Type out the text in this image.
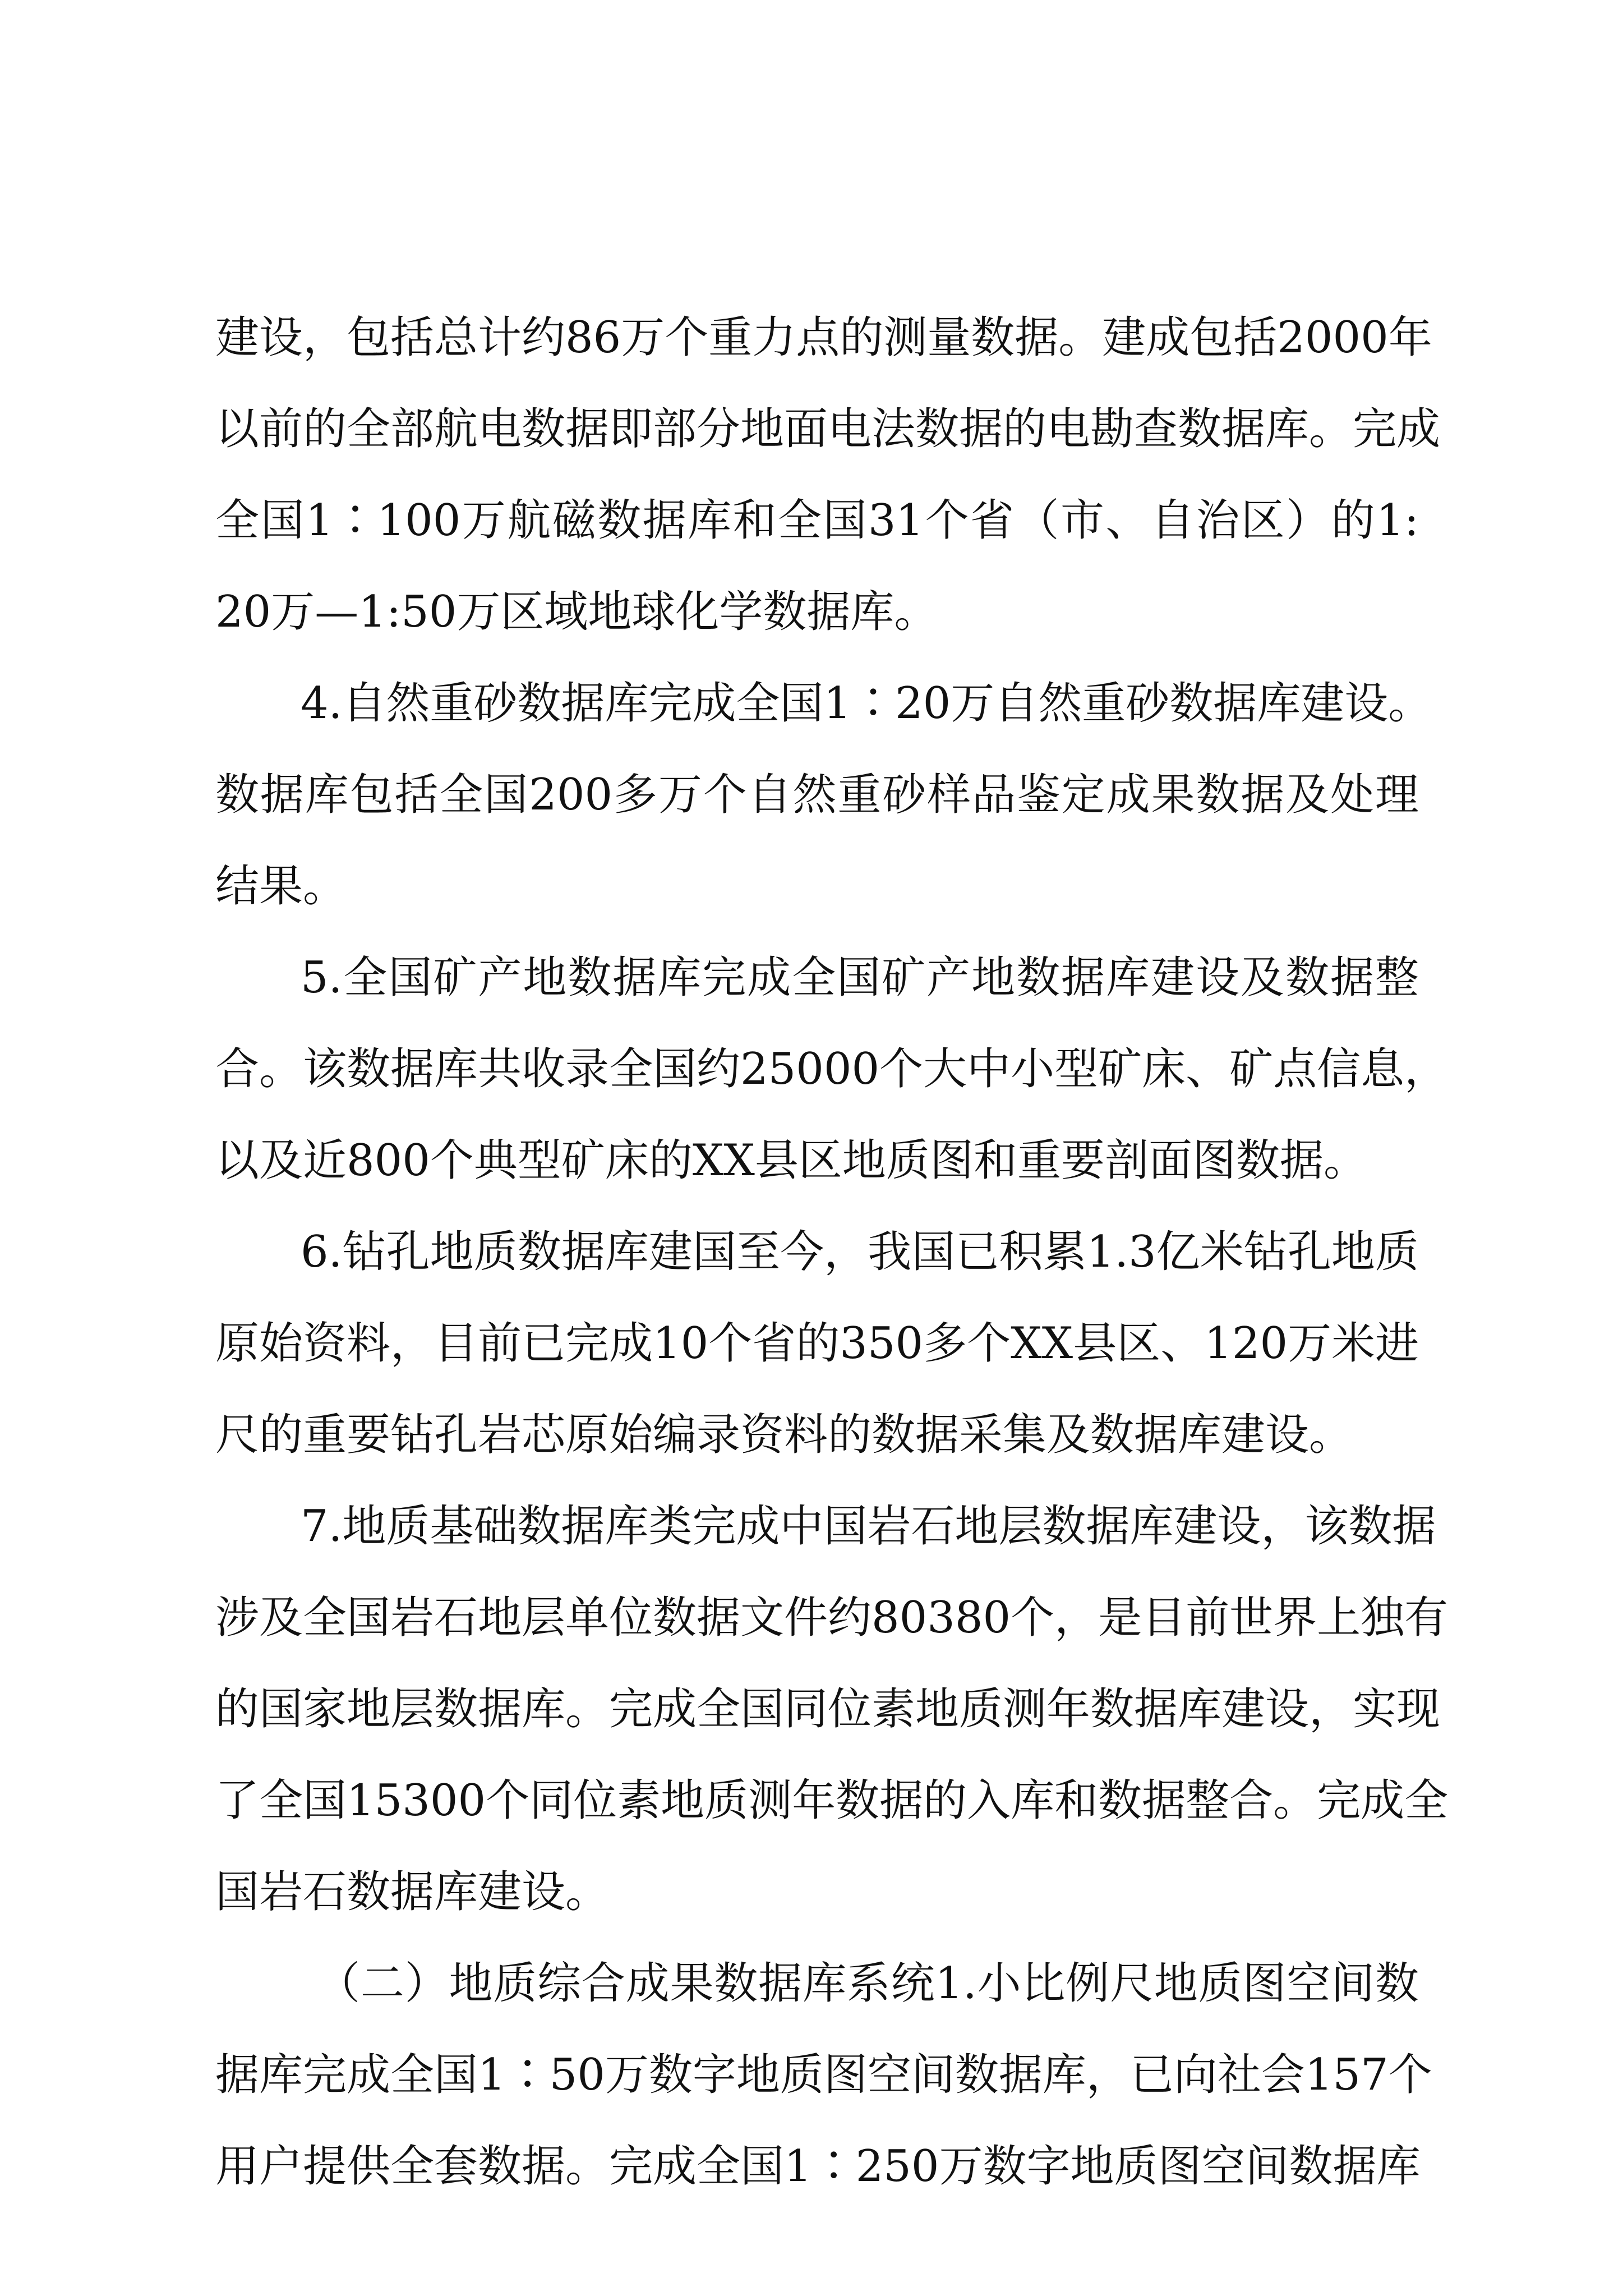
建设，包括总计约86万个重力点的测量数据。建成包括2000年
以前的全部航电数据即部分地面电法数据的电勘查数据库。完成
全国1∶100万航磁数据库和全国31个省（市、自治区）的1:
20万—1:50万区域地球化学数据库。
4.自然重砂数据库完成全国1∶20万自然重砂数据库建设。
数据库包括全国200多万个自然重砂样品鉴定成果数据及处理
结果。
5.全国矿产地数据库完成全国矿产地数据库建设及数据整
合。该数据库共收录全国约25000个大中小型矿床、矿点信息，
以及近800个典型矿床的XX县区地质图和重要剖面图数据。
6.钻孔地质数据库建国至今，我国已积累1.3亿米钻孔地质
原始资料，目前已完成10个省的350多个XX县区、120万米进
尺的重要钻孔岩芯原始编录资料的数据采集及数据库建设。
7.地质基础数据库类完成中国岩石地层数据库建设，该数据
涉及全国岩石地层单位数据文件约80380个，是目前世界上独有
的国家地层数据库。完成全国同位素地质测年数据库建设，实现
了全国15300个同位素地质测年数据的入库和数据整合。完成全
国岩石数据库建设。
（二）地质综合成果数据库系统1.小比例尺地质图空间数
据库完成全国1∶50万数字地质图空间数据库，已向社会157个
用户提供全套数据。完成全国1∶250万数字地质图空间数据库
